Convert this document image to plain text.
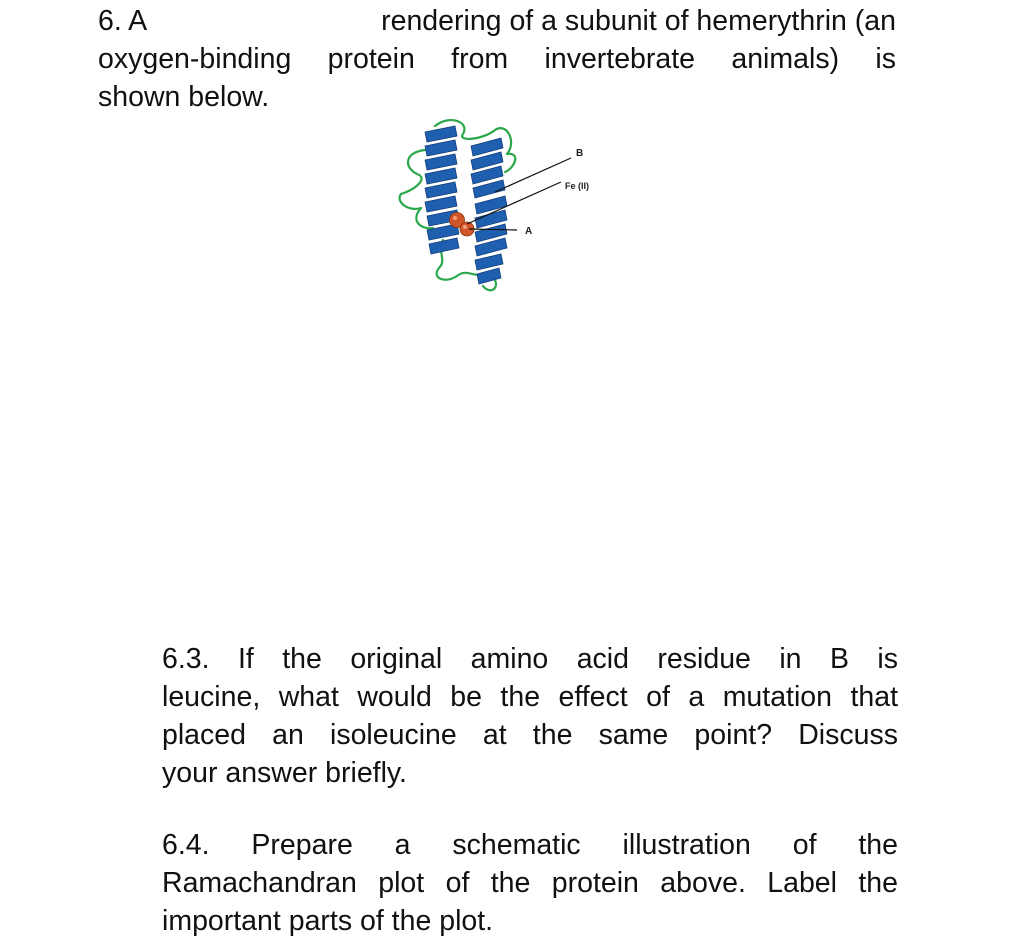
6. A	rendering of a subunit of hemerythrin (an
oxygen-binding protein from invertebrate animals) is
shown below.
B
Fe (II)
A
6.3. If the original amino acid residue in B is
leucine, what would be the effect of a mutation that
placed an isoleucine at the same point? Discuss
your answer briefly.
6.4. Prepare a schematic illustration of the
Ramachandran plot of the protein above. Label the
important parts of the plot.
